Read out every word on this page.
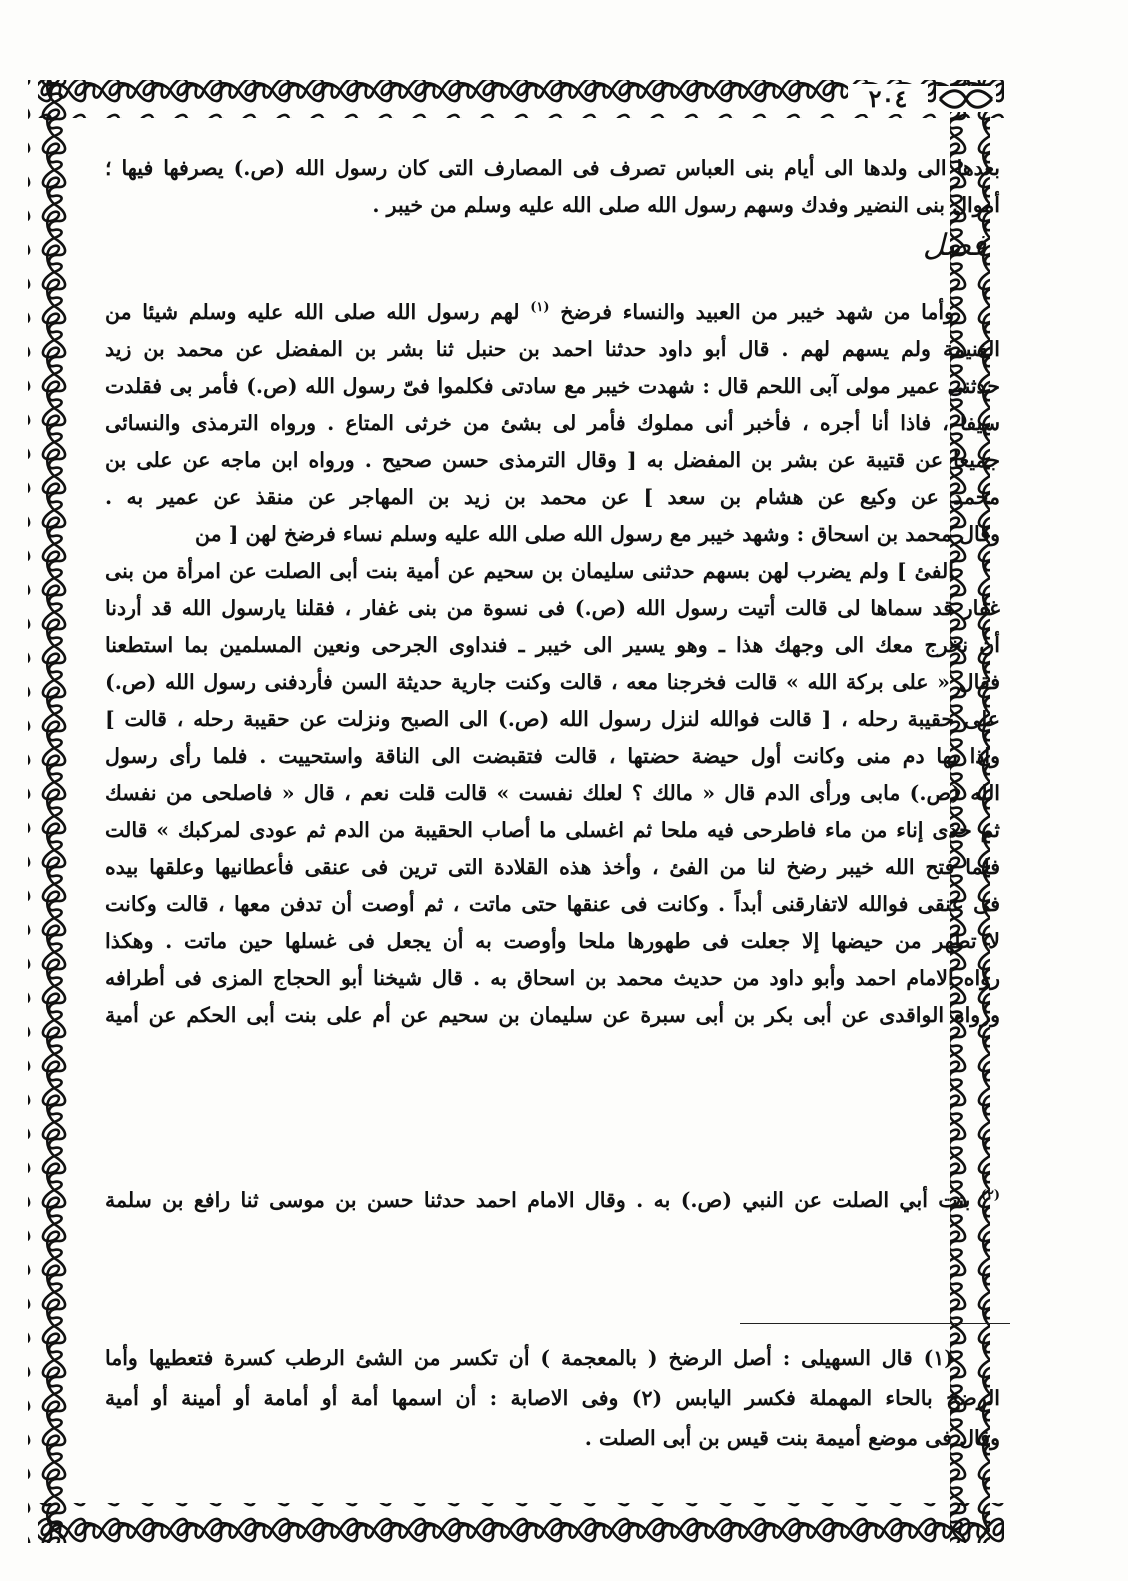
٢٠٤
بعدها الى ولدها الى أيام بنى العباس تصرف فى المصارف التى كان رسول الله (ص.) يصرفها فيها ؛
أموال بنى النضير وفدك وسهم رسول الله صلى الله عليه وسلم من خيبر .
فصل
وأما من شهد خيبر من العبيد والنساء فرضخ $^{(١)}$ لهم رسول الله صلى الله عليه وسلم شيئا من
الغنيمة ولم يسهم لهم . قال أبو داود حدثنا احمد بن حنبل ثنا بشر بن المفضل عن محمد بن زيد
حدثنى عمير مولى آبى اللحم قال : شهدت خيبر مع سادتى فكلموا فىّ رسول الله (ص.) فأمر بى فقلدت
سيفا ، فاذا أنا أجره ، فأخبر أنى مملوك فأمر لى بشئ من خرثى المتاع . ورواه الترمذى والنسائى
جميعا عن قتيبة عن بشر بن المفضل به [ وقال الترمذى حسن صحيح . ورواه ابن ماجه عن على بن
محمد عن وكيع عن هشام بن سعد ] عن محمد بن زيد بن المهاجر عن منقذ عن عمير به .
وقال محمد بن اسحاق : وشهد خيبر مع رسول الله صلى الله عليه وسلم نساء فرضخ لهن [ من
الفئ ] ولم يضرب لهن بسهم حدثنى سليمان بن سحيم عن أمية بنت أبى الصلت عن امرأة من بنى
غفار قد سماها لى قالت أتيت رسول الله (ص.) فى نسوة من بنى غفار ، فقلنا يارسول الله قد أردنا
أن نخرج معك الى وجهك هذا ـ وهو يسير الى خيبر ـ فنداوى الجرحى ونعين المسلمين بما استطعنا
فقال « على بركة الله » قالت فخرجنا معه ، قالت وكنت جارية حديثة السن فأردفنى رسول الله (ص.)
على حقيبة رحله ، [ قالت فوالله لنزل رسول الله (ص.) الى الصبح ونزلت عن حقيبة رحله ، قالت ]
واذا بها دم منى وكانت أول حيضة حضتها ، قالت فتقبضت الى الناقة واستحييت . فلما رأى رسول
الله (ص.) مابى ورأى الدم قال « مالك ؟ لعلك نفست » قالت قلت نعم ، قال « فاصلحى من نفسك
ثم خذى إناء من ماء فاطرحى فيه ملحا ثم اغسلى ما أصاب الحقيبة من الدم ثم عودى لمركبك » قالت
فلما فتح الله خيبر رضخ لنا من الفئ ، وأخذ هذه القلادة التى ترين فى عنقى فأعطانيها وعلقها بيده
فى عنقى فوالله لاتفارقنى أبداً . وكانت فى عنقها حتى ماتت ، ثم أوصت أن تدفن معها ، قالت وكانت
لا تطهر من حيضها إلا جعلت فى طهورها ملحا وأوصت به أن يجعل فى غسلها حين ماتت . وهكذا
رواه الامام احمد وأبو داود من حديث محمد بن اسحاق به . قال شيخنا أبو الحجاج المزى فى أطرافه
ورواه الواقدى عن أبى بكر بن أبى سبرة عن سليمان بن سحيم عن أم على بنت أبى الحكم عن أمية
$^{(٢)}$ بنت أبي الصلت عن النبي (ص.) به . وقال الامام احمد حدثنا حسن بن موسى ثنا رافع بن سلمة
(١) قال السهيلى : أصل الرضخ ( بالمعجمة ) أن تكسر من الشئ الرطب كسرة فتعطيها وأما
الرضح بالحاء المهملة فكسر اليابس (٢) وفى الاصابة : أن اسمها أمة أو أمامة أو أمينة أو أمية
وقال فى موضع أميمة بنت قيس بن أبى الصلت .
